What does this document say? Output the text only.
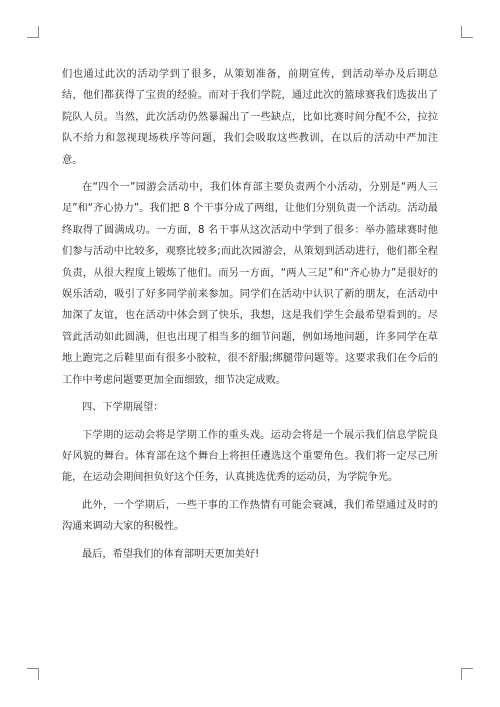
们也通过此次的活动学到了很多，从策划准备，前期宣传，到活动举办及后期总结，他们都获得了宝贵的经验。而对于我们学院，通过此次的篮球赛我们选拔出了院队人员。当然，此次活动仍然暴漏出了一些缺点，比如比赛时间分配不公，拉拉队不给力和忽视现场秩序等问题，我们会吸取这些教训，在以后的活动中严加注意。

在“四个一”园游会活动中，我们体育部主要负责两个小活动，分别是“两人三足”和“齐心协力”。我们把 8 个干事分成了两组，让他们分别负责一个活动。活动最终取得了圆满成功。一方面，8 名干事从这次活动中学到了很多：举办篮球赛时他们参与活动中比较多，观察比较多;而此次园游会，从策划到活动进行，他们都全程负责，从很大程度上锻炼了他们。而另一方面，“两人三足”和“齐心协力”是很好的娱乐活动，吸引了好多同学前来参加。同学们在活动中认识了新的朋友，在活动中加深了友谊，也在活动中体会到了快乐，我想，这是我们学生会最希望看到的。尽管此活动如此圆满，但也出现了相当多的细节问题，例如场地问题，许多同学在草地上跑完之后鞋里面有很多小胶粒，很不舒服;绑腿带问题等。这要求我们在今后的工作中考虑问题要更加全面细致，细节决定成败。

四、下学期展望：

下学期的运动会将是学期工作的重头戏。运动会将是一个展示我们信息学院良好风貌的舞台。体育部在这个舞台上将担任遴选这个重要角色。我们将一定尽己所能，在运动会期间担负好这个任务，认真挑选优秀的运动员，为学院争光。

此外，一个学期后，一些干事的工作热情有可能会衰减，我们希望通过及时的沟通来调动大家的积极性。

最后，希望我们的体育部明天更加美好!
